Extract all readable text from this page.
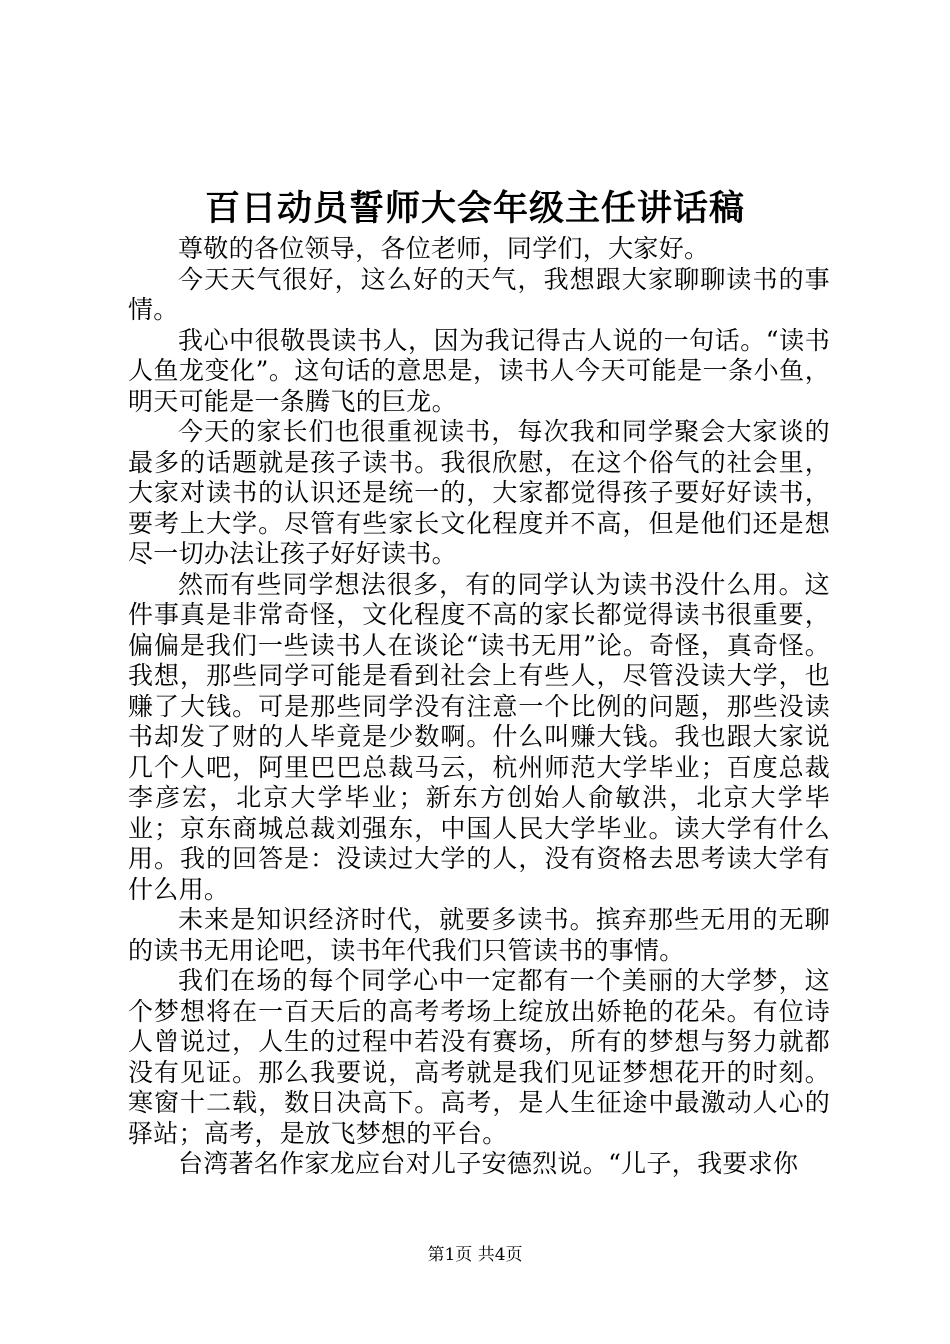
百日动员誓师大会年级主任讲话稿

尊敬的各位领导，各位老师，同学们，大家好。

今天天气很好，这么好的天气，我想跟大家聊聊读书的事情。

我心中很敬畏读书人，因为我记得古人说的一句话。“读书人鱼龙变化”。这句话的意思是，读书人今天可能是一条小鱼，明天可能是一条腾飞的巨龙。

今天的家长们也很重视读书，每次我和同学聚会大家谈的最多的话题就是孩子读书。我很欣慰，在这个俗气的社会里，大家对读书的认识还是统一的，大家都觉得孩子要好好读书，要考上大学。尽管有些家长文化程度并不高，但是他们还是想尽一切办法让孩子好好读书。

然而有些同学想法很多，有的同学认为读书没什么用。这件事真是非常奇怪，文化程度不高的家长都觉得读书很重要，偏偏是我们一些读书人在谈论“读书无用”论。奇怪，真奇怪。我想，那些同学可能是看到社会上有些人，尽管没读大学，也赚了大钱。可是那些同学没有注意一个比例的问题，那些没读书却发了财的人毕竟是少数啊。什么叫赚大钱。我也跟大家说几个人吧，阿里巴巴总裁马云，杭州师范大学毕业；百度总裁李彦宏，北京大学毕业；新东方创始人俞敏洪，北京大学毕业；京东商城总裁刘强东，中国人民大学毕业。读大学有什么用。我的回答是：没读过大学的人，没有资格去思考读大学有什么用。

未来是知识经济时代，就要多读书。摈弃那些无用的无聊的读书无用论吧，读书年代我们只管读书的事情。

我们在场的每个同学心中一定都有一个美丽的大学梦，这个梦想将在一百天后的高考考场上绽放出娇艳的花朵。有位诗人曾说过，人生的过程中若没有赛场，所有的梦想与努力就都没有见证。那么我要说，高考就是我们见证梦想花开的时刻。寒窗十二载，数日决高下。高考，是人生征途中最激动人心的驿站；高考，是放飞梦想的平台。

台湾著名作家龙应台对儿子安德烈说。“儿子，我要求你

第1页 共4页
